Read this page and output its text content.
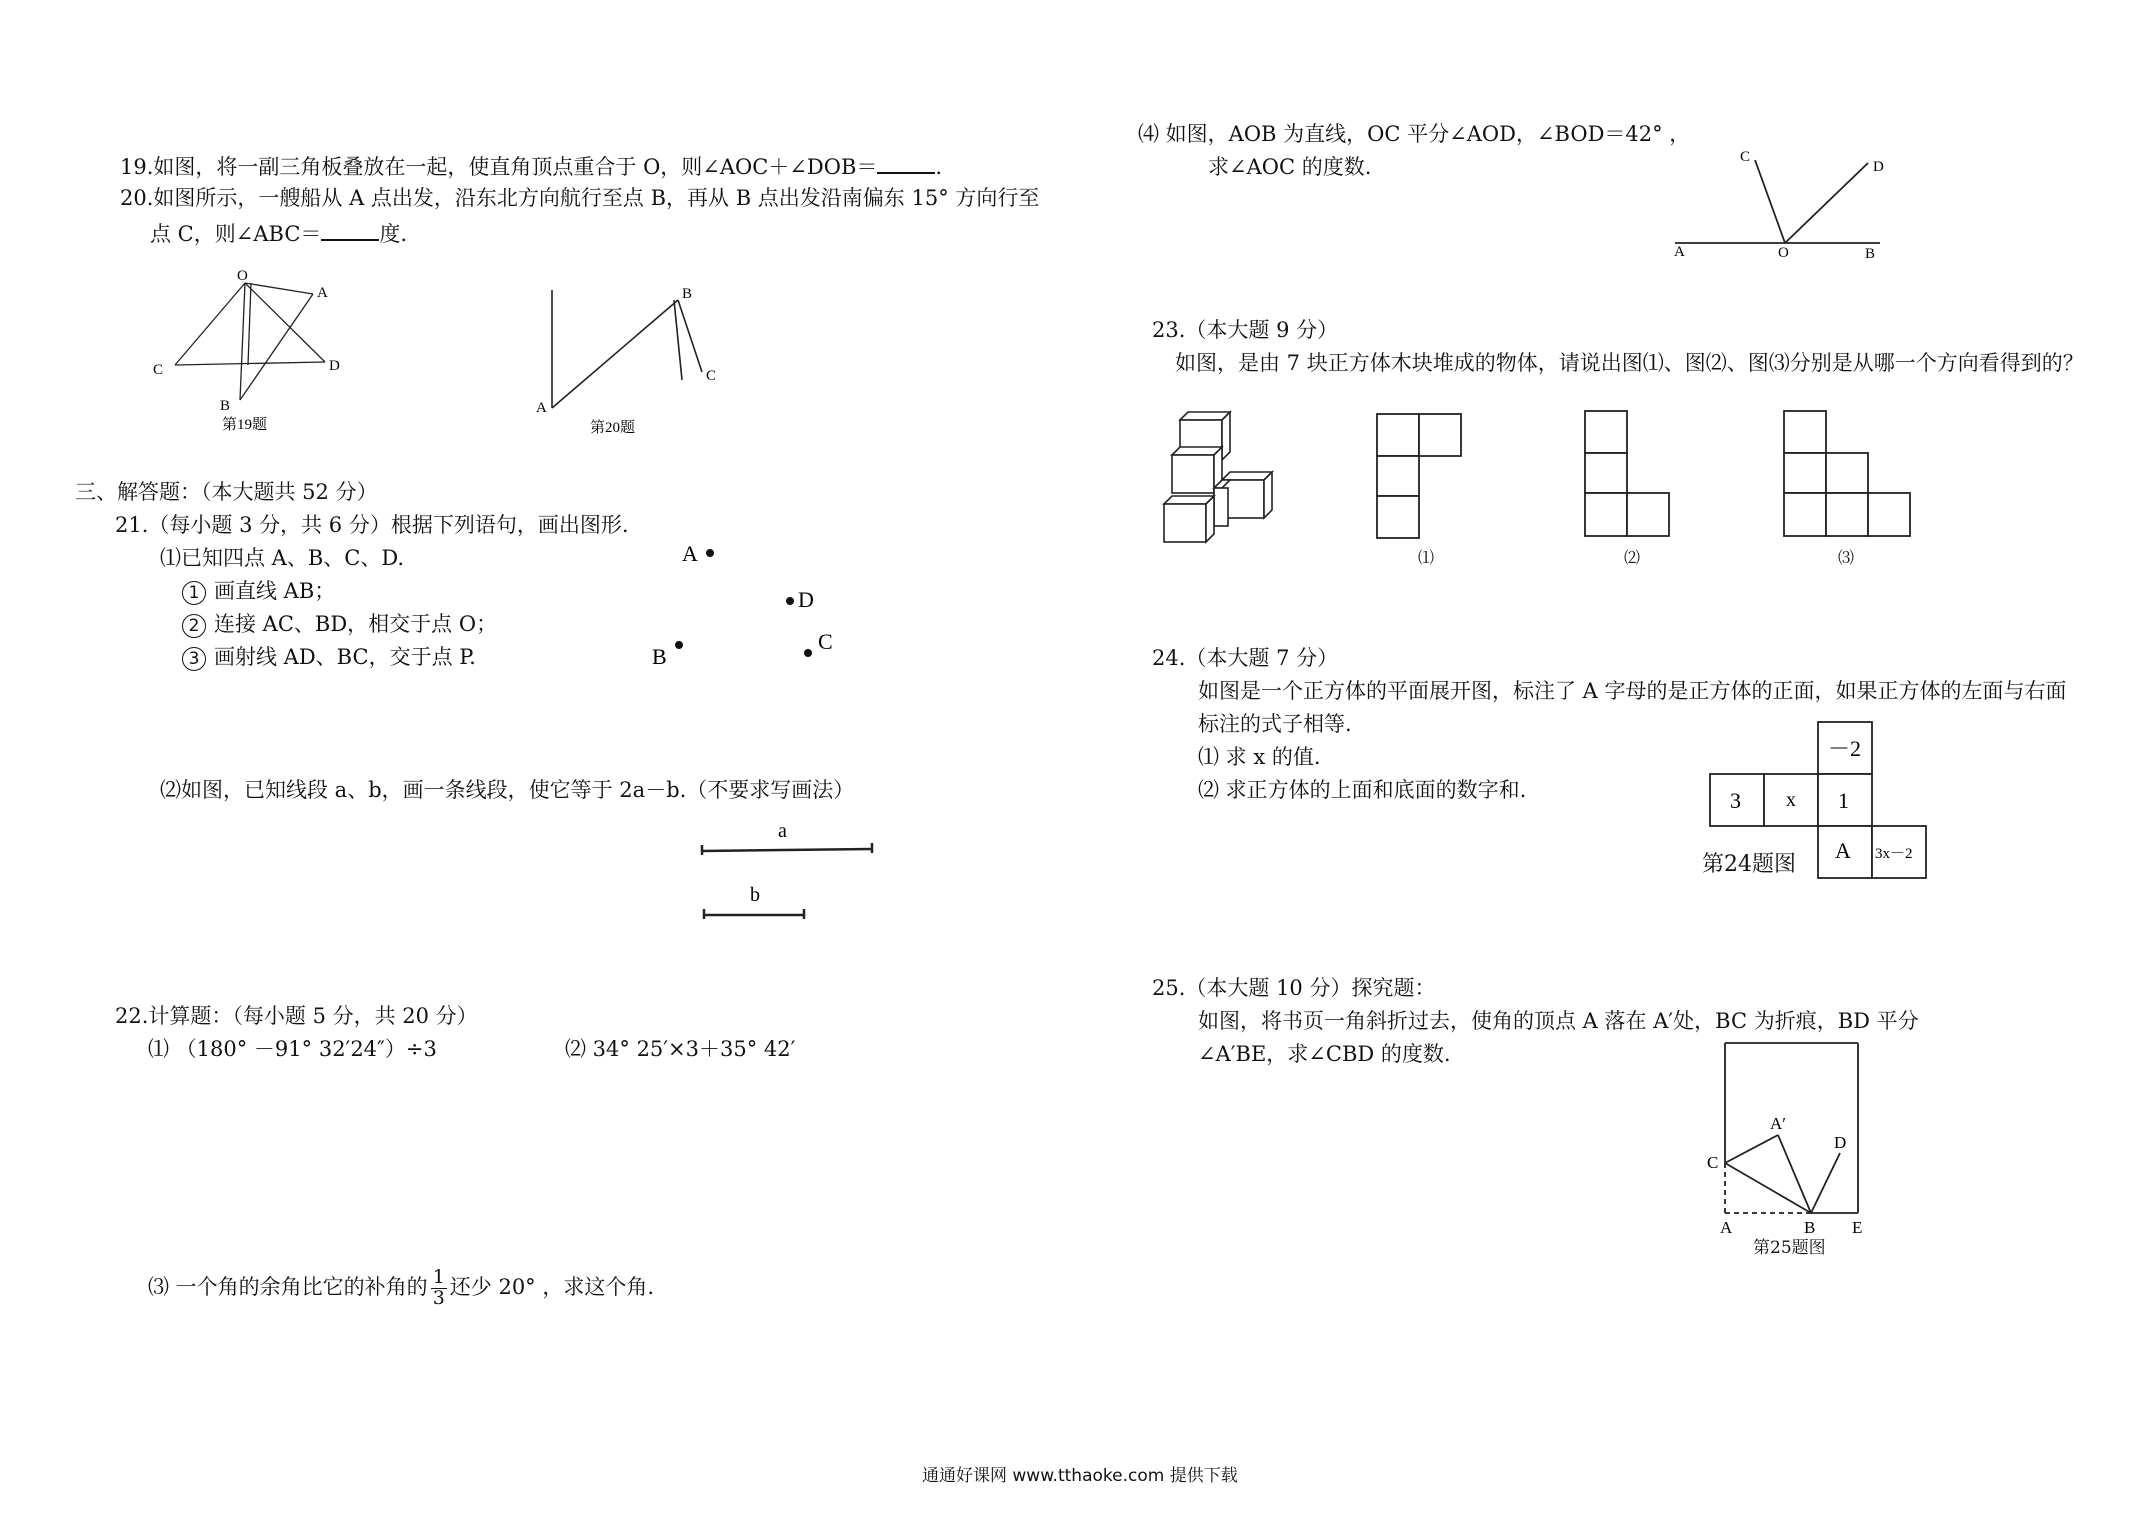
19.如图，将一副三角板叠放在一起，使直角顶点重合于 O，则∠AOC＋∠DOB＝	.
20.如图所示，一艘船从 A 点出发，沿东北方向航行至点 B，再从 B 点出发沿南偏东 15° 方向行至
点 C，则∠ABC＝	度.
O
A
C	D
B
第19题
A
B
C
第20题
三、解答题：（本大题共 52 分）
21.（每小题 3 分，共 6 分）根据下列语句，画出图形.
⑴已知四点 A、B、C、D.
1 画直线 AB；
2 连接 AC、BD，相交于点 O；
3 画射线 AD、BC，交于点 P.
A
D
B
C
⑵如图，已知线段 a、b，画一条线段，使它等于 2a－b.（不要求写画法）
a
b
22.计算题：（每小题 5 分，共 20 分）
⑴ （180° －91° 32′24″）÷3	⑵ 34° 25′×3＋35° 42′
⑶ 一个角的余角比它的补角的 $\frac{1}{3}$ 还少 20° ，求这个角.
⑷ 如图，AOB 为直线，OC 平分∠AOD，∠BOD＝42° ，
求∠AOC 的度数.
A	O	B
C
D
23.（本大题 9 分）
如图，是由 7 块正方体木块堆成的物体，请说出图⑴、图⑵、图⑶分别是从哪一个方向看得到的？
⑴	⑵	⑶
24.（本大题 7 分）
如图是一个正方体的平面展开图，标注了 A 字母的是正方体的正面，如果正方体的左面与右面
标注的式子相等.
⑴ 求 x 的值.
⑵ 求正方体的上面和底面的数字和.
－2
3 x 1
A 3x－2
第24题图
25.（本大题 10 分）探究题：
如图，将书页一角斜折过去，使角的顶点 A 落在 A′处，BC 为折痕，BD 平分
∠A′BE，求∠CBD 的度数.
A′
D
C
A	B E
第25题图
通通好课网 www.tthaoke.com 提供下载
